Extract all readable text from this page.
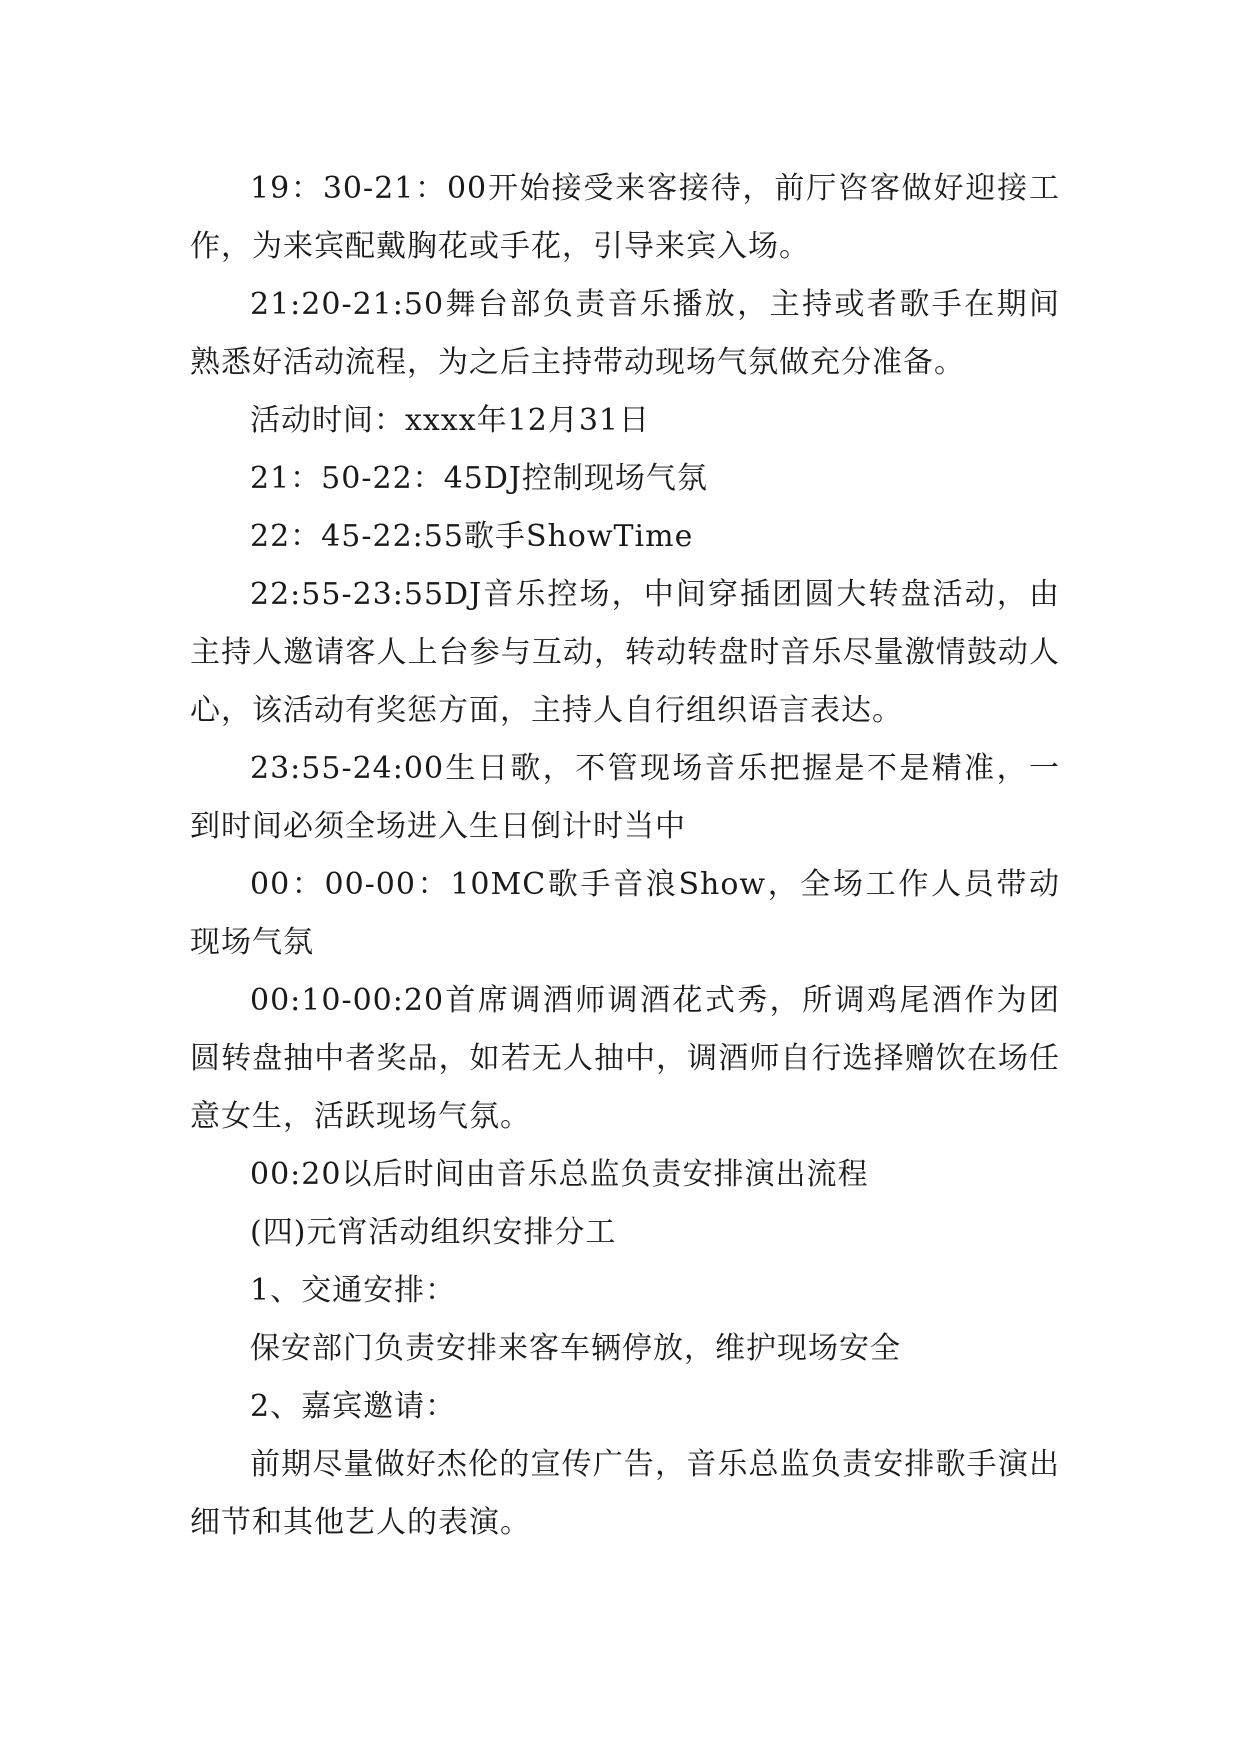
19：30-21：00开始接受来客接待，前厅咨客做好迎接工作，为来宾配戴胸花或手花，引导来宾入场。

21:20-21:50舞台部负责音乐播放，主持或者歌手在期间熟悉好活动流程，为之后主持带动现场气氛做充分准备。

活动时间：xxxx年12月31日

21：50-22：45DJ控制现场气氛

22：45-22:55歌手ShowTime

22:55-23:55DJ音乐控场，中间穿插团圆大转盘活动，由主持人邀请客人上台参与互动，转动转盘时音乐尽量激情鼓动人心，该活动有奖惩方面，主持人自行组织语言表达。

23:55-24:00生日歌，不管现场音乐把握是不是精准，一到时间必须全场进入生日倒计时当中

00：00-00：10MC歌手音浪Show，全场工作人员带动现场气氛

00:10-00:20首席调酒师调酒花式秀，所调鸡尾酒作为团圆转盘抽中者奖品，如若无人抽中，调酒师自行选择赠饮在场任意女生，活跃现场气氛。

00:20以后时间由音乐总监负责安排演出流程

(四)元宵活动组织安排分工

1、交通安排：

保安部门负责安排来客车辆停放，维护现场安全

2、嘉宾邀请：

前期尽量做好杰伦的宣传广告，音乐总监负责安排歌手演出细节和其他艺人的表演。
